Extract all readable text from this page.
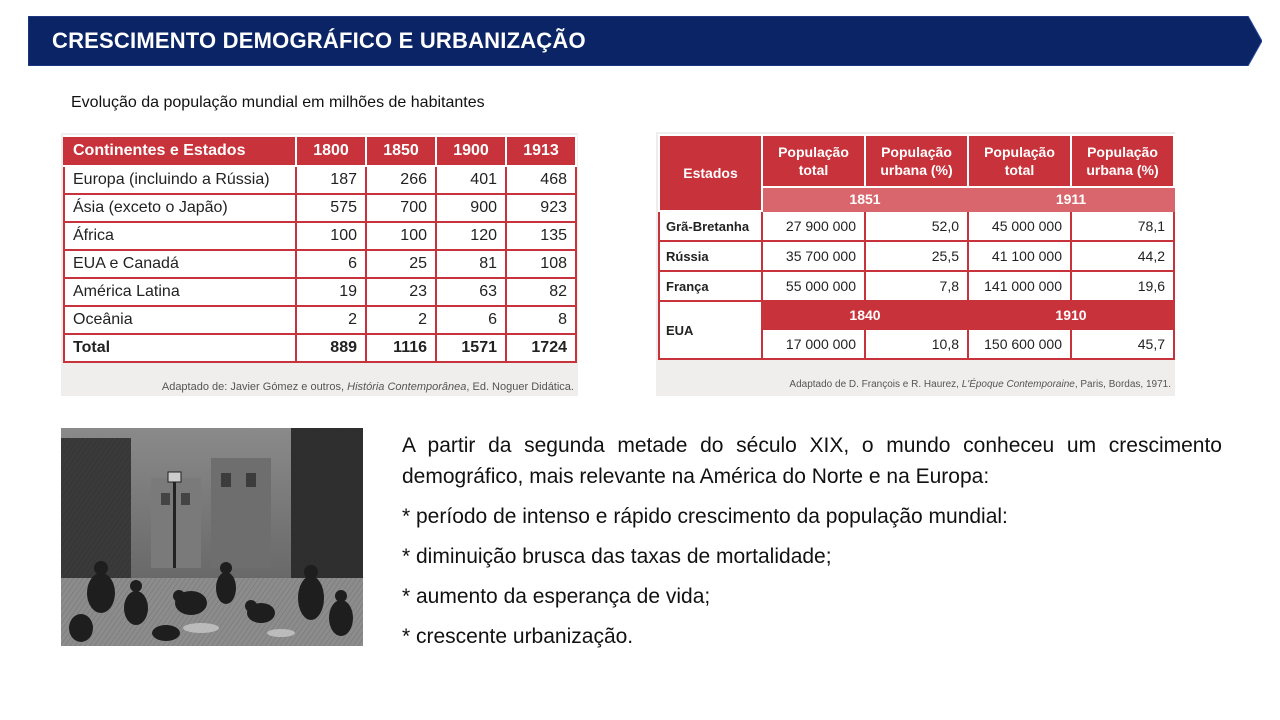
CRESCIMENTO DEMOGRÁFICO E URBANIZAÇÃO
Evolução da população mundial em milhões de habitantes
Continentes e Estados	1800	1850	1900	1913
Europa (incluindo a Rússia)	187	266	401	468
Ásia (exceto o Japão)	575	700	900	923
África	100	100	120	135
EUA e Canadá	6	25	81	108
América Latina	19	23	63	82
Oceânia	2	2	6	8
Total	889	1116	1571	1724
Adaptado de: Javier Gómez e outros, História Contemporânea, Ed. Noguer Didática.
Estados	População total	População urbana (%)	População total	População urbana (%)
	1851		1911	
Grã-Bretanha	27 900 000	52,0	45 000 000	78,1
Rússia	35 700 000	25,5	41 100 000	44,2
França	55 000 000	7,8	141 000 000	19,6
EUA	1840		1910	
	17 000 000	10,8	150 600 000	45,7
Adaptado de D. François e R. Haurez, L'Époque Contemporaine, Paris, Bordas, 1971.

A partir da segunda metade do século XIX, o mundo conheceu um crescimento demográfico, mais relevante na América do Norte e na Europa:

* período de intenso e rápido crescimento da população mundial:
* diminuição brusca das taxas de mortalidade;
* aumento da esperança de vida;
* crescente urbanização.
